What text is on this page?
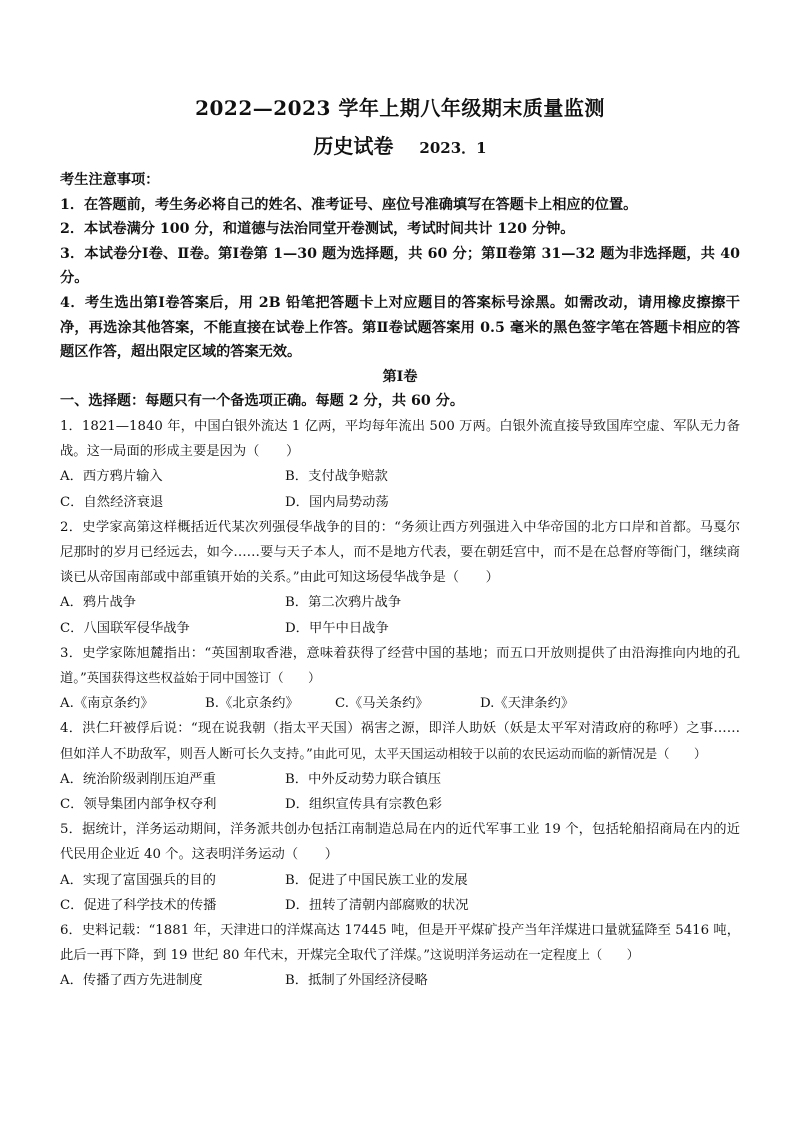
2022—2023 学年上期八年级期末质量监测
历史试卷 2023．1

考生注意事项：

1．在答题前，考生务必将自己的姓名、准考证号、座位号准确填写在答题卡上相应的位置。

2．本试卷满分 100 分，和道德与法治同堂开卷测试，考试时间共计 120 分钟。

3．本试卷分Ⅰ卷、Ⅱ卷。第Ⅰ卷第 1—30 题为选择题，共 60 分；第Ⅱ卷第 31—32 题为非选择题，共 40 分。

4．考生选出第Ⅰ卷答案后，用 2B 铅笔把答题卡上对应题目的答案标号涂黑。如需改动，请用橡皮擦擦干净，再选涂其他答案，不能直接在试卷上作答。第Ⅱ卷试题答案用 0.5 毫米的黑色签字笔在答题卡相应的答题区作答，超出限定区域的答案无效。

第Ⅰ卷

一、选择题：每题只有一个备选项正确。每题 2 分，共 60 分。

1．1821—1840 年，中国白银外流达 1 亿两，平均每年流出 500 万两。白银外流直接导致国库空虚、军队无力备战。这一局面的形成主要是因为（　　）

A．西方鸦片输入	B．支付战争赔款
C．自然经济衰退	D．国内局势动荡

2．史学家高第这样概括近代某次列强侵华战争的目的：“务须让西方列强进入中华帝国的北方口岸和首都。马戛尔尼那时的岁月已经远去，如今……要与天子本人，而不是地方代表，要在朝廷宫中，而不是在总督府等衙门，继续商谈已从帝国南部或中部重镇开始的关系。”由此可知这场侵华战争是（　　）

A．鸦片战争	B．第二次鸦片战争
C．八国联军侵华战争	D．甲午中日战争

3．史学家陈旭麓指出：“英国割取香港，意味着获得了经营中国的基地；而五口开放则提供了由沿海推向内地的孔道。”英国获得这些权益始于同中国签订（　　）

A.《南京条约》	B.《北京条约》	C.《马关条约》	D.《天津条约》

4．洪仁玕被俘后说：“现在说我朝（指太平天国）祸害之源，即洋人助妖（妖是太平军对清政府的称呼）之事……但如洋人不助敌军，则吾人断可长久支持。”由此可见，太平天国运动相较于以前的农民运动而临的新情况是（　　）

A．统治阶级剥削压迫严重	B．中外反动势力联合镇压
C．领导集团内部争权夺利	D．组织宣传具有宗教色彩

5．据统计，洋务运动期间，洋务派共创办包括江南制造总局在内的近代军事工业 19 个，包括轮船招商局在内的近代民用企业近 40 个。这表明洋务运动（　　）

A．实现了富国强兵的目的	B．促进了中国民族工业的发展
C．促进了科学技术的传播	D．扭转了清朝内部腐败的状况

6．史料记载：“1881 年，天津进口的洋煤高达 17445 吨，但是开平煤矿投产当年洋煤进口量就猛降至 5416 吨，此后一再下降，到 19 世纪 80 年代末，开煤完全取代了洋煤。”这说明洋务运动在一定程度上（　　）

A．传播了西方先进制度	B．抵制了外国经济侵略
